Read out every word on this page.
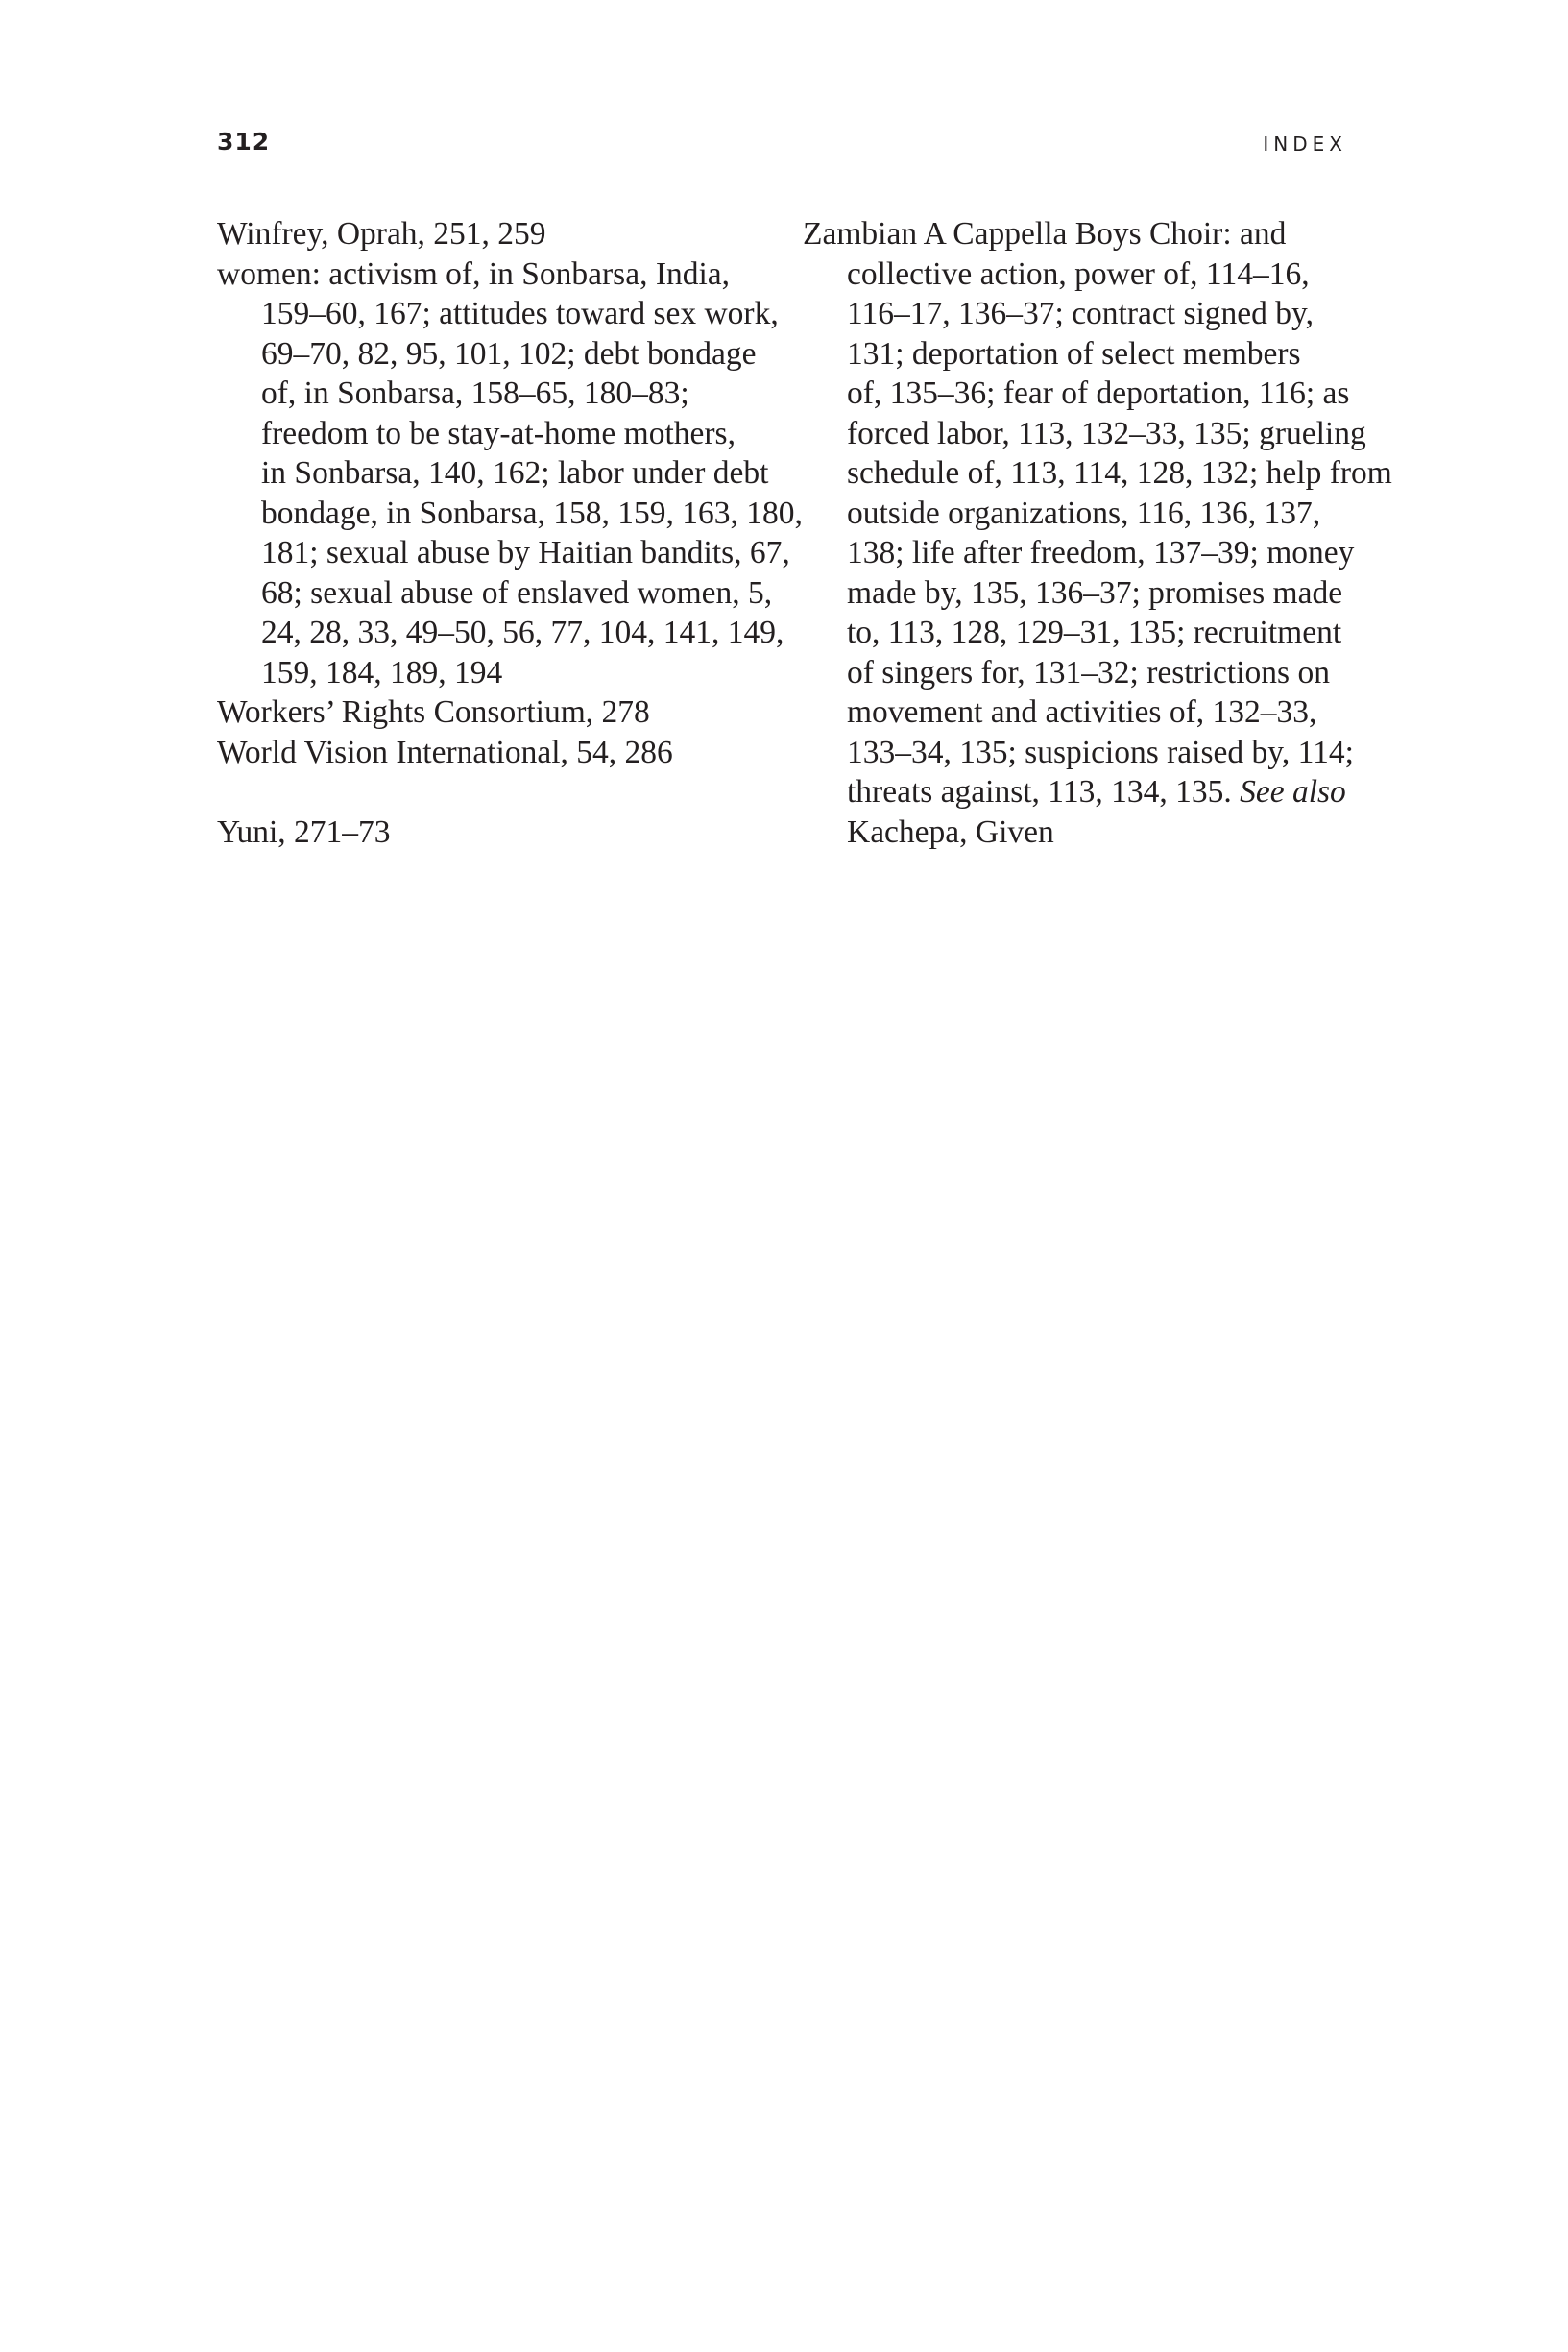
312	INDEX
Winfrey, Oprah, 251, 259
women: activism of, in Sonbarsa, India,
159–60, 167; attitudes toward sex work,
69–70, 82, 95, 101, 102; debt bondage
of, in Sonbarsa, 158–65, 180–83;
freedom to be stay-at-home mothers,
in Sonbarsa, 140, 162; labor under debt
bondage, in Sonbarsa, 158, 159, 163, 180,
181; sexual abuse by Haitian bandits, 67,
68; sexual abuse of enslaved women, 5,
24, 28, 33, 49–50, 56, 77, 104, 141, 149,
159, 184, 189, 194
Workers’ Rights Consortium, 278
World Vision International, 54, 286
Yuni, 271–73
Zambian A Cappella Boys Choir: and
collective action, power of, 114–16,
116–17, 136–37; contract signed by,
131; deportation of select members
of, 135–36; fear of deportation, 116; as
forced labor, 113, 132–33, 135; grueling
schedule of, 113, 114, 128, 132; help from
outside organizations, 116, 136, 137,
138; life after freedom, 137–39; money
made by, 135, 136–37; promises made
to, 113, 128, 129–31, 135; recruitment
of singers for, 131–32; restrictions on
movement and activities of, 132–33,
133–34, 135; suspicions raised by, 114;
threats against, 113, 134, 135. See also
Kachepa, Given
